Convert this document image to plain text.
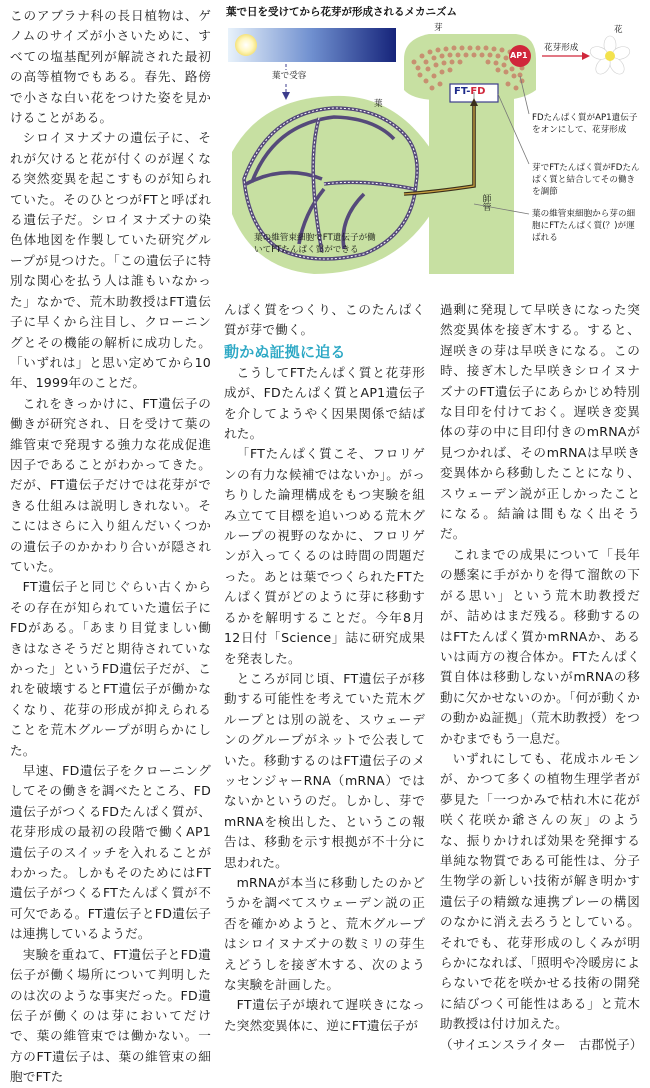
葉で日を受けてから花芽が形成されるメカニズム
葉で受容
葉
芽
師管
花
AP1
FT-FD
花芽形成
FDたんぱく質がAP1遺伝子をオンにして、花芽形成
芽でFTたんぱく質がFDたんぱく質と結合してその働きを調節
葉の維管束細胞から芽の細胞にFTたんぱく質(？)が運ばれる
葉の維管束細胞でFT遺伝子が働いてFTたんぱく質ができる

このアブラナ科の長日植物は、ゲノムのサイズが小さいために、すべての塩基配列が解読された最初の高等植物でもある。春先、路傍で小さな白い花をつけた姿を見かけることがある。

シロイヌナズナの遺伝子に、それが欠けると花が付くのが遅くなる突然変異を起こすものが知られていた。そのひとつがFTと呼ばれる遺伝子だ。シロイヌナズナの染色体地図を作製していた研究グループが見つけた。「この遺伝子に特別な関心を払う人は誰もいなかった」なかで、荒木助教授はFT遺伝子に早くから注目し、クローニングとその機能の解析に成功した。「いずれは」と思い定めてから10年、1999年のことだ。

これをきっかけに、FT遺伝子の働きが研究され、日を受けて葉の維管束で発現する強力な花成促進因子であることがわかってきた。だが、FT遺伝子だけでは花芽ができる仕組みは説明しきれない。そこにはさらに入り組んだいくつかの遺伝子のかかわり合いが隠されていた。

FT遺伝子と同じぐらい古くからその存在が知られていた遺伝子にFDがある。「あまり目覚ましい働きはなさそうだと期待されていなかった」というFD遺伝子だが、これを破壊するとFT遺伝子が働かなくなり、花芽の形成が抑えられることを荒木グループが明らかにした。

早速、FD遺伝子をクローニングしてその働きを調べたところ、FD遺伝子がつくるFDたんぱく質が、花芽形成の最初の段階で働くAP1遺伝子のスイッチを入れることがわかった。しかもそのためにはFT遺伝子がつくるFTたんぱく質が不可欠である。FT遺伝子とFD遺伝子は連携しているようだ。

実験を重ねて、FT遺伝子とFD遺伝子が働く場所について判明したのは次のような事実だった。FD遺伝子が働くのは芽においてだけで、葉の維管束では働かない。一方のFT遺伝子は、葉の維管束の細胞でFTた

んぱく質をつくり、このたんぱく質が芽で働く。

動かぬ証拠に迫る

こうしてFTたんぱく質と花芽形成が、FDたんぱく質とAP1遺伝子を介してようやく因果関係で結ばれた。

「FTたんぱく質こそ、フロリゲンの有力な候補ではないか」。がっちりした論理構成をもつ実験を組み立てて目標を追いつめる荒木グループの視野のなかに、フロリゲンが入ってくるのは時間の問題だった。あとは葉でつくられたFTたんぱく質がどのように芽に移動するかを解明することだ。今年8月12日付「Science」誌に研究成果を発表した。

ところが同じ頃、FT遺伝子が移動する可能性を考えていた荒木グループとは別の説を、スウェーデンのグループがネットで公表していた。移動するのはFT遺伝子のメッセンジャーRNA（mRNA）ではないかというのだ。しかし、芽でmRNAを検出した、というこの報告は、移動を示す根拠が不十分に思われた。

mRNAが本当に移動したのかどうかを調べてスウェーデン説の正否を確かめようと、荒木グループはシロイヌナズナの数ミリの芽生えどうしを接ぎ木する、次のような実験を計画した。

FT遺伝子が壊れて遅咲きになった突然変異体に、逆にFT遺伝子が

過剰に発現して早咲きになった突然変異体を接ぎ木する。すると、遅咲きの芽は早咲きになる。この時、接ぎ木した早咲きシロイヌナズナのFT遺伝子にあらかじめ特別な目印を付けておく。遅咲き変異体の芽の中に目印付きのmRNAが見つかれば、そのmRNAは早咲き変異体から移動したことになり、スウェーデン説が正しかったことになる。結論は間もなく出そうだ。

これまでの成果について「長年の懸案に手がかりを得て溜飲の下がる思い」という荒木助教授だが、詰めはまだ残る。移動するのはFTたんぱく質かmRNAか、あるいは両方の複合体か。FTたんぱく質自体は移動しないがmRNAの移動に欠かせないのか。「何が動くかの動かぬ証拠」（荒木助教授）をつかむまでもう一息だ。

いずれにしても、花成ホルモンが、かつて多くの植物生理学者が夢見た「一つかみで枯れ木に花が咲く花咲か爺さんの灰」のような、振りかければ効果を発揮する単純な物質である可能性は、分子生物学の新しい技術が解き明かす遺伝子の精緻な連携プレーの構図のなかに消え去ろうとしている。それでも、花芽形成のしくみが明らかになれば、「照明や冷暖房によらないで花を咲かせる技術の開発に結びつく可能性はある」と荒木助教授は付け加えた。

（サイエンスライター　古郡悦子）
